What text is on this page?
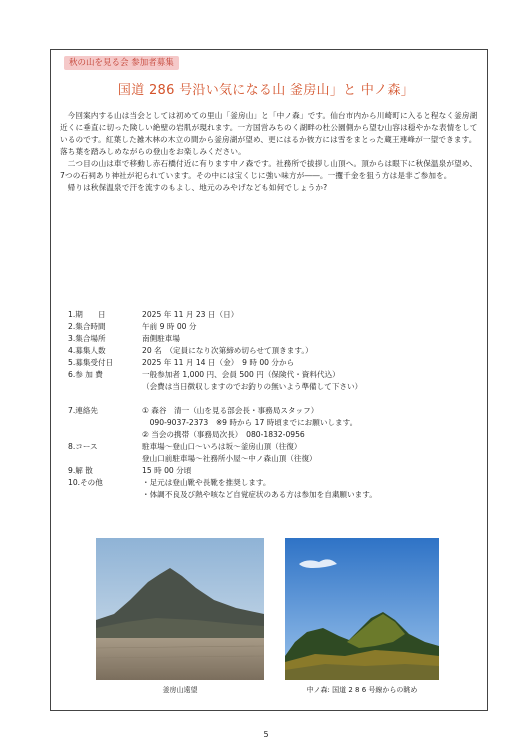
秋の山を見る会 参加者募集
国道 286 号沿い気になる山 釜房山」と 中ノ森」

今回案内する山は当会としては初めての里山「釜房山」と「中ノ森」です。仙台市内から川崎町に入ると程なく釜房湖近くに垂直に切った険しい絶壁の岩肌が現れます。一方国営みちのく湖畔の杜公園側から望む山容は穏やかな表情をしているのです。紅葉した雑木林の木立の間から釜房湖が望め、更にはるか彼方には雪をまとった蔵王連峰が一望できます。落ち葉を踏みしめながらの登山をお楽しみください。

二つ目の山は車で移動し赤石橋付近に有ります中ノ森です。社務所で拔拶し山頂へ。頂からは眼下に秋保温泉が望め、7つの石祠あり神社が祀られています。その中には宝くじに強い味方が――。一攫千金を狙う方は是非ご参加を。

帰りは秋保温泉で汗を流すのもよし、地元のみやげなども如何でしょうか?

1.期　　日	2025 年 11 月 23 日（日）
2.集合時間	午前 9 時 00 分
3.集合場所	南側駐車場
4.募集人数	20 名　（定員になり次第締め切らせて頂きます。）
5.募集受付日	2025 年 11 月 14 日（金）　9 時 00 分から
6.参 加 費	一般参加者 1,000 円、会員 500 円（保険代・資料代込）
（会費は当日徴収しますのでお釣りの無いよう準備して下さい）
7.連絡先	① 森谷　清一（山を見る部会長・事務局スタッフ）
　090-9037-2373　※9 時から 17 時頃までにお願いします。
② 当会の携帯（事務局次長）　080-1832-0956
8.コース	駐車場～登山口～いろは坂～釜房山頂（往復）
登山口前駐車場～社務所小屋～中ノ森山頂（往復）
9.解 散	15 時 00 分頃
10.その他	・足元は登山靴や長靴を推奨します。
・体調不良及び熱や咳など自覚症状のある方は参加を自粛願います。
釜房山遠望	中ノ森: 国道 2 8 6 号線からの眺め
5
